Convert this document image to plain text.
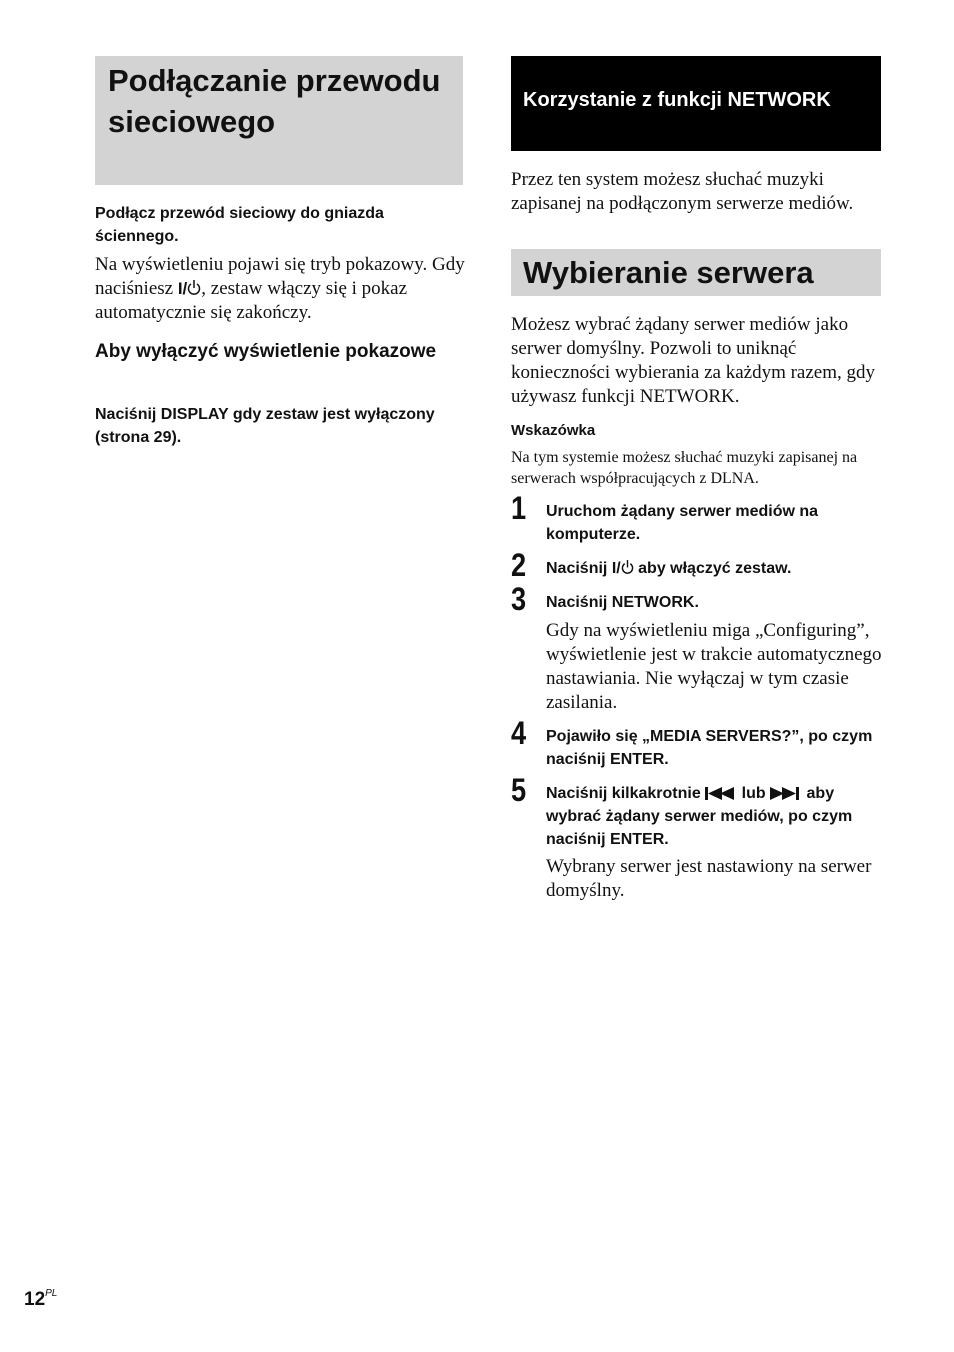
Podłączanie przewodu sieciowego
Podłącz przewód sieciowy do gniazda ściennego.
Na wyświetleniu pojawi się tryb pokazowy. Gdy naciśniesz I/ , zestaw włączy się i pokaz automatycznie się zakończy.
Aby wyłączyć wyświetlenie pokazowe
Naciśnij DISPLAY gdy zestaw jest wyłączony (strona 29).
Korzystanie z funkcji NETWORK
Przez ten system możesz słuchać muzyki zapisanej na podłączonym serwerze mediów.
Wybieranie serwera
Możesz wybrać żądany serwer mediów jako serwer domyślny. Pozwoli to uniknąć konieczności wybierania za każdym razem, gdy używasz funkcji NETWORK.
Wskazówka
Na tym systemie możesz słuchać muzyki zapisanej na serwerach współpracujących z DLNA.
1 Uruchom żądany serwer mediów na komputerze.
2 Naciśnij I/ aby włączyć zestaw.
3 Naciśnij NETWORK.
Gdy na wyświetleniu miga „Configuring”, wyświetlenie jest w trakcie automatycznego nastawiania. Nie wyłączaj w tym czasie zasilania.
4 Pojawiło się „MEDIA SERVERS?”, po czym naciśnij ENTER.
5 Naciśnij kilkakrotnie  lub  aby wybrać żądany serwer mediów, po czym naciśnij ENTER.
Wybrany serwer jest nastawiony na serwer domyślny.
$12^{PL}$
